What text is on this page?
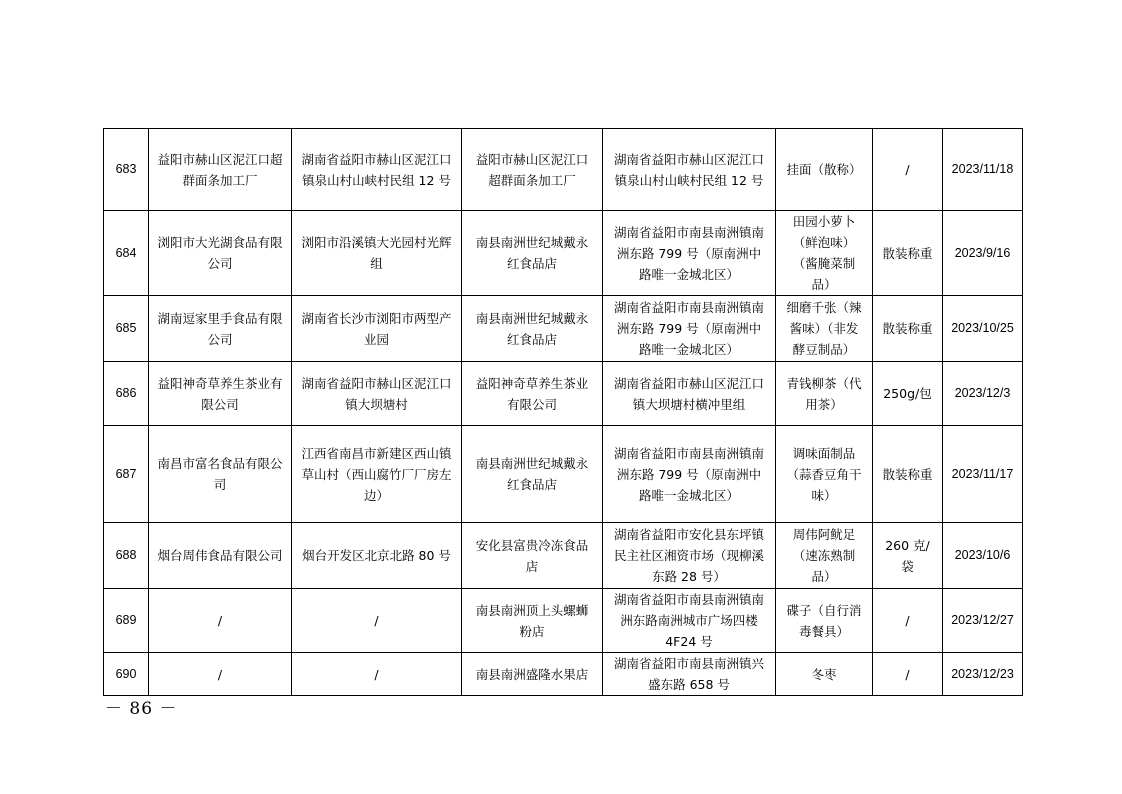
683	益阳市赫山区泥江口超群面条加工厂	湖南省益阳市赫山区泥江口镇泉山村山峡村民组 12 号	益阳市赫山区泥江口超群面条加工厂	湖南省益阳市赫山区泥江口镇泉山村山峡村民组 12 号	挂面（散称）	/	2023/11/18
684	浏阳市大光湖食品有限公司	浏阳市沿溪镇大光园村光辉组	南县南洲世纪城戴永红食品店	湖南省益阳市南县南洲镇南洲东路 799 号（原南洲中路唯一金城北区）	田园小萝卜（鲜泡味）（酱腌菜制品）	散装称重	2023/9/16
685	湖南逗家里手食品有限公司	湖南省长沙市浏阳市两型产业园	南县南洲世纪城戴永红食品店	湖南省益阳市南县南洲镇南洲东路 799 号（原南洲中路唯一金城北区）	细磨千张（辣酱味）（非发酵豆制品）	散装称重	2023/10/25
686	益阳神奇草养生茶业有限公司	湖南省益阳市赫山区泥江口镇大坝塘村	益阳神奇草养生茶业有限公司	湖南省益阳市赫山区泥江口镇大坝塘村横冲里组	青钱柳茶（代用茶）	250g/包	2023/12/3
687	南昌市富名食品有限公司	江西省南昌市新建区西山镇草山村（西山腐竹厂厂房左边）	南县南洲世纪城戴永红食品店	湖南省益阳市南县南洲镇南洲东路 799 号（原南洲中路唯一金城北区）	调味面制品（蒜香豆角干味）	散装称重	2023/11/17
688	烟台周伟食品有限公司	烟台开发区北京北路 80 号	安化县富贵冷冻食品店	湖南省益阳市安化县东坪镇民主社区湘资市场（现柳溪东路 28 号）	周伟阿鱿足（速冻熟制品）	260 克/袋	2023/10/6
689	/	/	南县南洲顶上头螺蛳粉店	湖南省益阳市南县南洲镇南洲东路南洲城市广场四楼 4F24 号	碟子（自行消毒餐具）	/	2023/12/27
690	/	/	南县南洲盛隆水果店	湖南省益阳市南县南洲镇兴盛东路 658 号	冬枣	/	2023/12/23
－ 86 －
